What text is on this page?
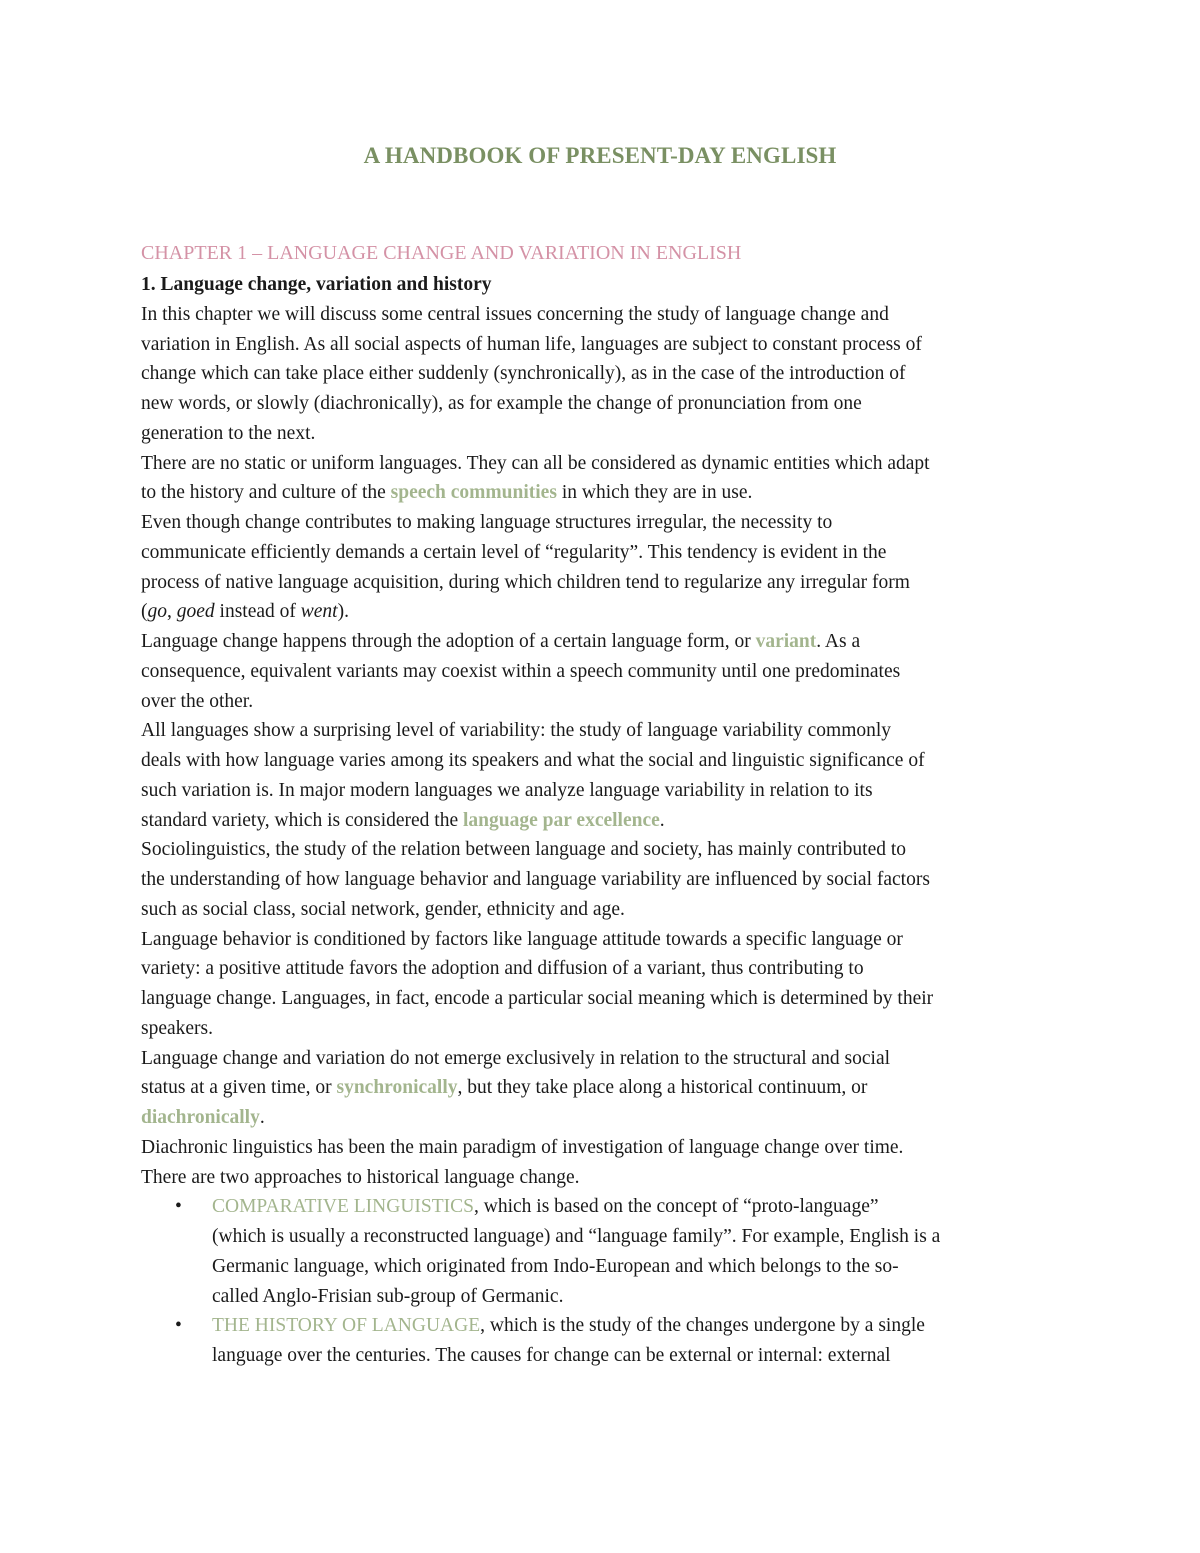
A HANDBOOK OF PRESENT-DAY ENGLISH
CHAPTER 1 – LANGUAGE CHANGE AND VARIATION IN ENGLISH
1. Language change, variation and history
In this chapter we will discuss some central issues concerning the study of language change and
variation in English. As all social aspects of human life, languages are subject to constant process of
change which can take place either suddenly (synchronically), as in the case of the introduction of
new words, or slowly (diachronically), as for example the change of pronunciation from one
generation to the next.
There are no static or uniform languages. They can all be considered as dynamic entities which adapt
to the history and culture of the speech communities in which they are in use.
Even though change contributes to making language structures irregular, the necessity to
communicate efficiently demands a certain level of “regularity”. This tendency is evident in the
process of native language acquisition, during which children tend to regularize any irregular form
(go, goed instead of went).
Language change happens through the adoption of a certain language form, or variant. As a
consequence, equivalent variants may coexist within a speech community until one predominates
over the other.
All languages show a surprising level of variability: the study of language variability commonly
deals with how language varies among its speakers and what the social and linguistic significance of
such variation is. In major modern languages we analyze language variability in relation to its
standard variety, which is considered the language par excellence.
Sociolinguistics, the study of the relation between language and society, has mainly contributed to
the understanding of how language behavior and language variability are influenced by social factors
such as social class, social network, gender, ethnicity and age.
Language behavior is conditioned by factors like language attitude towards a specific language or
variety: a positive attitude favors the adoption and diffusion of a variant, thus contributing to
language change. Languages, in fact, encode a particular social meaning which is determined by their
speakers.
Language change and variation do not emerge exclusively in relation to the structural and social
status at a given time, or synchronically, but they take place along a historical continuum, or
diachronically.
Diachronic linguistics has been the main paradigm of investigation of language change over time.
There are two approaches to historical language change.
• COMPARATIVE LINGUISTICS, which is based on the concept of “proto-language”
(which is usually a reconstructed language) and “language family”. For example, English is a
Germanic language, which originated from Indo-European and which belongs to the so-
called Anglo-Frisian sub-group of Germanic.
• THE HISTORY OF LANGUAGE, which is the study of the changes undergone by a single
language over the centuries. The causes for change can be external or internal: external
